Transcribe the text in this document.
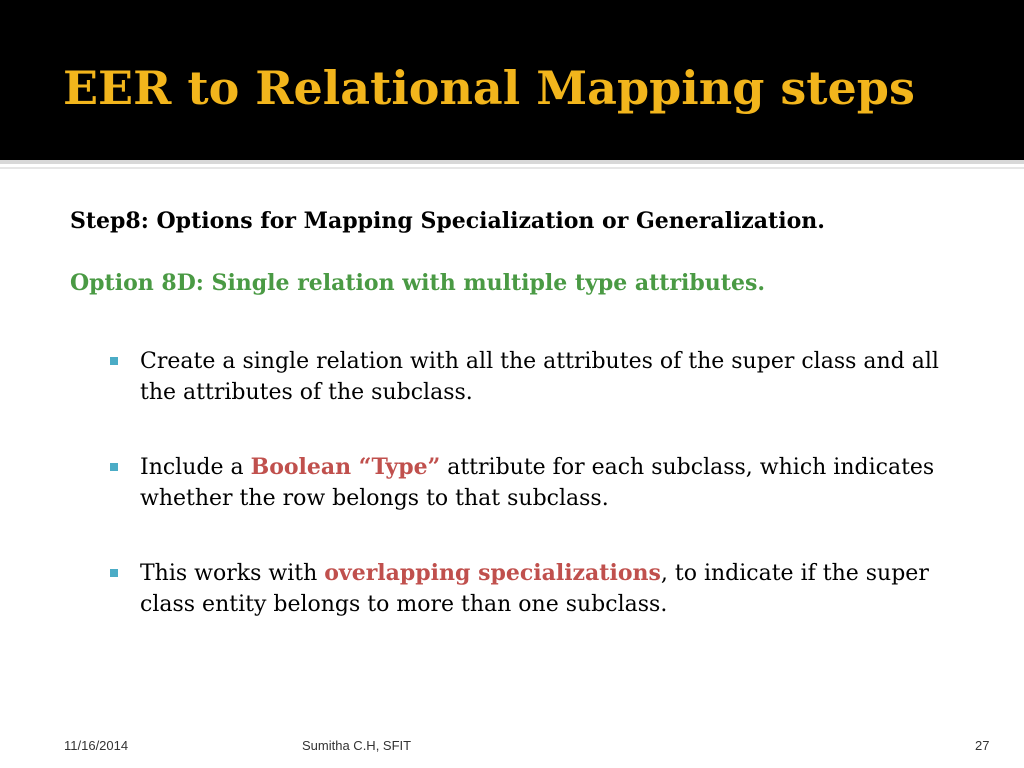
EER to Relational Mapping steps

Step8: Options for Mapping Specialization or Generalization.

Option 8D: Single relation with multiple type attributes.

Create a single relation with all the attributes of the super class and all the attributes of the subclass.
Include a Boolean “Type” attribute for each subclass, which indicates whether the row belongs to that subclass.
This works with overlapping specializations, to indicate if the super class entity belongs to more than one subclass.
11/16/2014	Sumitha C.H, SFIT	27
